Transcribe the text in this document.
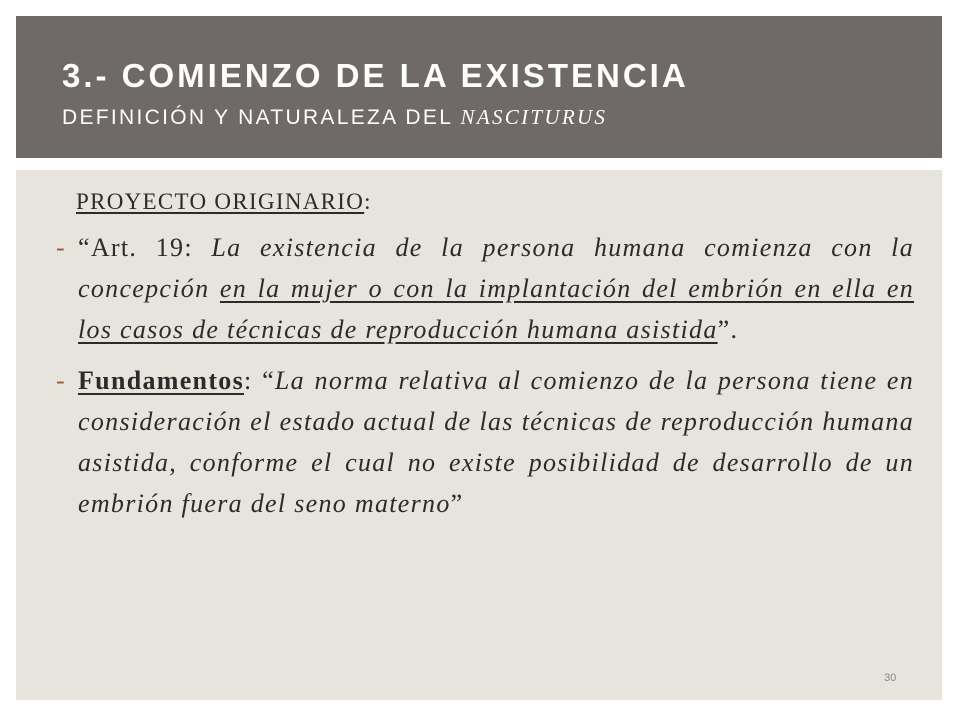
3.- COMIENZO DE LA EXISTENCIA
DEFINICIÓN Y NATURALEZA DEL NASCITURUS
PROYECTO ORIGINARIO:
- “Art. 19: La existencia de la persona humana comienza con la concepción en la mujer o con la implantación del embrión en ella en los casos de técnicas de reproducción humana asistida”.
- Fundamentos: “La norma relativa al comienzo de la persona tiene en consideración el estado actual de las técnicas de reproducción humana asistida, conforme el cual no existe posibilidad de desarrollo de un embrión fuera del seno materno”
30
